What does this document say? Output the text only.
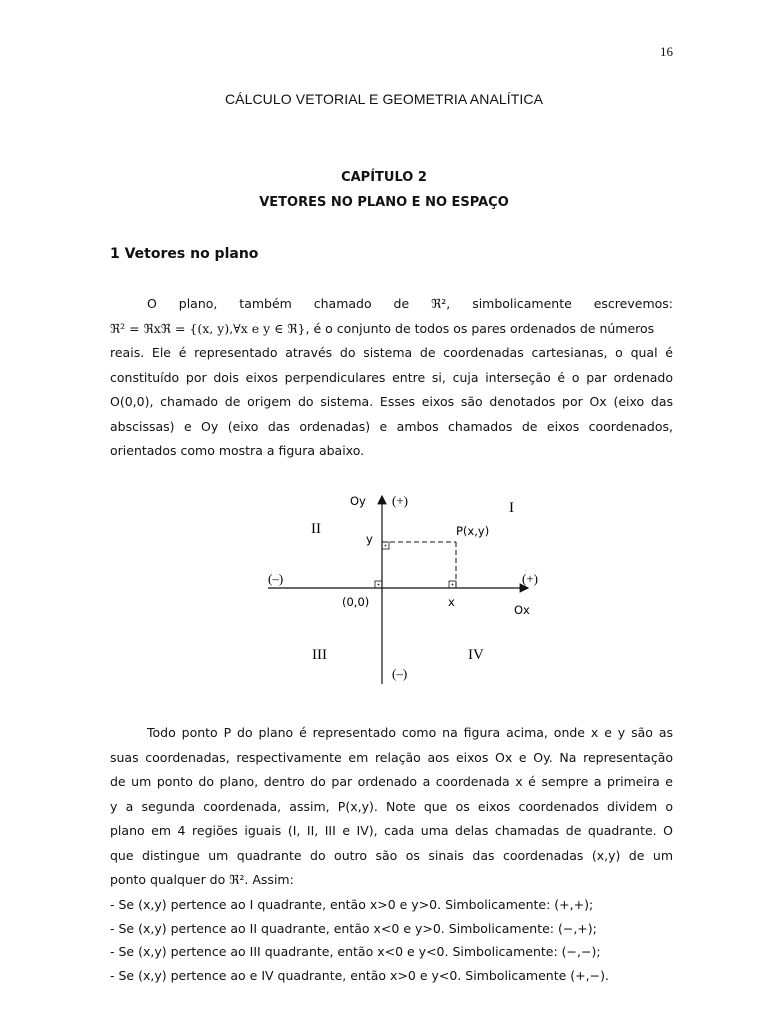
16
CÁLCULO VETORIAL E GEOMETRIA ANALÍTICA
CAPÍTULO 2
VETORES NO PLANO E NO ESPAÇO
1 Vetores no plano
O plano, também chamado de ℜ², simbolicamente escrevemos:
ℜ² = ℜxℜ = {(x, y),∀x e y ∈ ℜ}, é o conjunto de todos os pares ordenados de números
reais. Ele é representado através do sistema de coordenadas cartesianas, o qual é
constituído por dois eixos perpendiculares entre si, cuja interseção é o par ordenado
O(0,0), chamado de origem do sistema. Esses eixos são denotados por Ox (eixo das
abscissas) e Oy (eixo das ordenadas) e ambos chamados de eixos coordenados,
orientados como mostra a figura abaixo.
Oy (+)	I
II	P(x,y)
y
(–)	(+)
(0,0)	x
Ox
III	IV
(–)
Todo ponto P do plano é representado como na figura acima, onde x e y são as
suas coordenadas, respectivamente em relação aos eixos Ox e Oy. Na representação
de um ponto do plano, dentro do par ordenado a coordenada x é sempre a primeira e
y a segunda coordenada, assim, P(x,y). Note que os eixos coordenados dividem o
plano em 4 regiões iguais (I, II, III e IV), cada uma delas chamadas de quadrante. O
que distingue um quadrante do outro são os sinais das coordenadas (x,y) de um
ponto qualquer do ℜ². Assim:
- Se (x,y) pertence ao I quadrante, então x>0 e y>0. Simbolicamente: (+,+);
- Se (x,y) pertence ao II quadrante, então x<0 e y>0. Simbolicamente: (−,+);
- Se (x,y) pertence ao III quadrante, então x<0 e y<0. Simbolicamente: (−,−);
- Se (x,y) pertence ao e IV quadrante, então x>0 e y<0. Simbolicamente (+,−).
